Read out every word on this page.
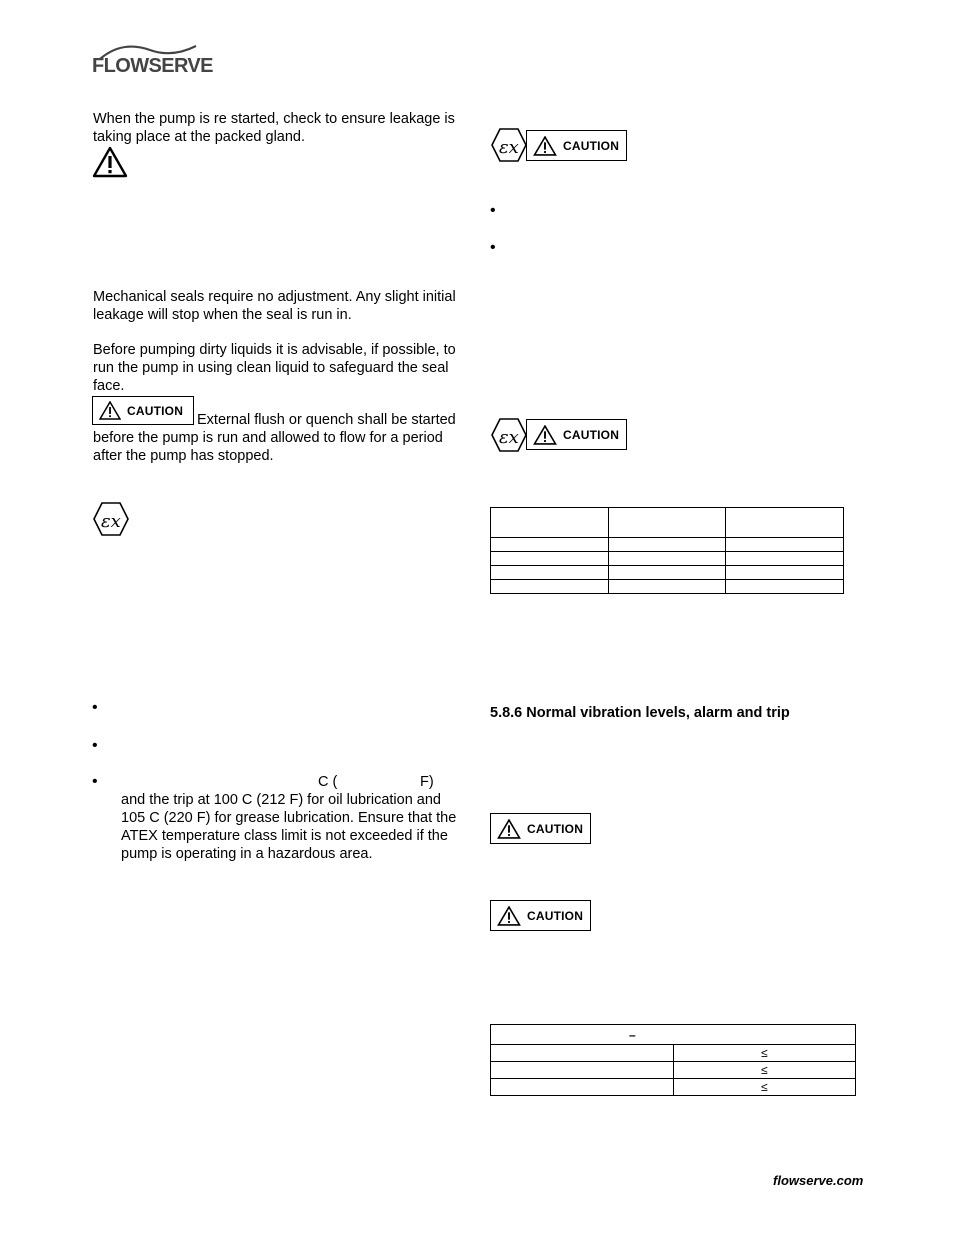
FLOWSERVE
When the pump is re started, check to ensure leakage is taking place at the packed gland.
Mechanical seals require no adjustment. Any slight initial leakage will stop when the seal is run in.
Before pumping dirty liquids it is advisable, if possible, to run the pump in using clean liquid to safeguard the seal face.
CAUTION
External flush or quench shall be started before the pump is run and allowed to flow for a period after the pump has stopped.
εx
•
•
•	C (	F)
and the trip at 100 C (212 F) for oil lubrication and 105 C (220 F) for grease lubrication. Ensure that the ATEX temperature class limit is not exceeded if the pump is operating in a hazardous area.
εx	CAUTION
•
•
εx	CAUTION

5.8.6 Normal vibration levels, alarm and trip
CAUTION
CAUTION
–	
	≤
	≤
	≤
flowserve.com
